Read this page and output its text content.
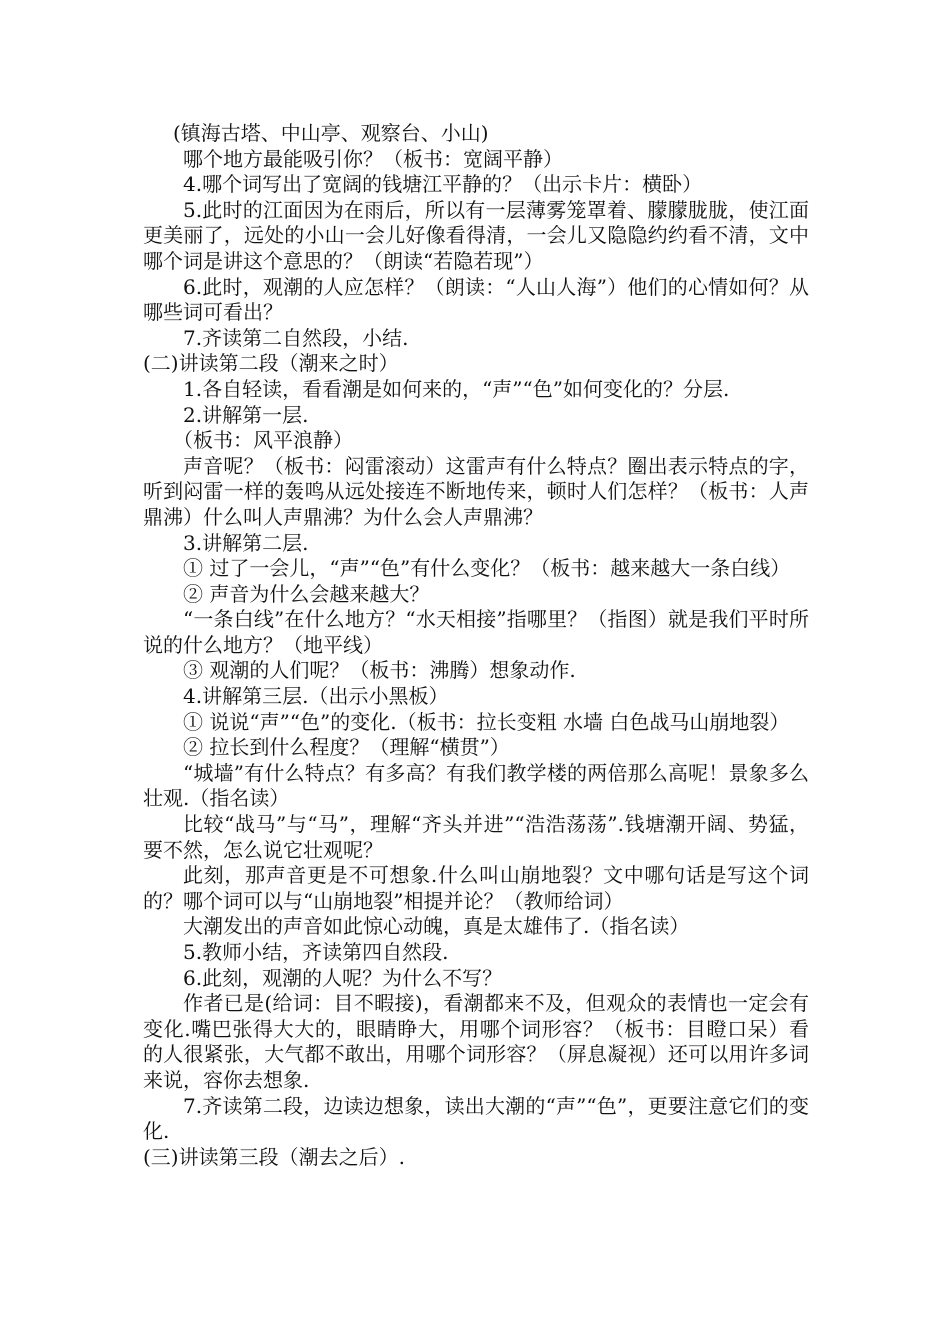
(镇海古塔、中山亭、观察台、小山)

哪个地方最能吸引你？（板书：宽阔平静）

4.哪个词写出了宽阔的钱塘江平静的？（出示卡片：横卧）

5.此时的江面因为在雨后，所以有一层薄雾笼罩着、朦朦胧胧，使江面更美丽了，远处的小山一会儿好像看得清，一会儿又隐隐约约看不清，文中哪个词是讲这个意思的？（朗读“若隐若现”）

6.此时，观潮的人应怎样？（朗读：“人山人海”）他们的心情如何？从哪些词可看出？

7.齐读第二自然段，小结.

(二)讲读第二段（潮来之时）

1.各自轻读，看看潮是如何来的，“声”“色”如何变化的？分层.

2.讲解第一层.

（板书：风平浪静）

声音呢？（板书：闷雷滚动）这雷声有什么特点？圈出表示特点的字，听到闷雷一样的轰鸣从远处接连不断地传来，顿时人们怎样？（板书：人声鼎沸）什么叫人声鼎沸？为什么会人声鼎沸？

3.讲解第二层.

① 过了一会儿，“声”“色”有什么变化？（板书：越来越大一条白线）

② 声音为什么会越来越大？

“一条白线”在什么地方？“水天相接”指哪里？（指图）就是我们平时所说的什么地方？（地平线）

③ 观潮的人们呢？（板书：沸腾）想象动作.

4.讲解第三层.（出示小黑板）

① 说说“声”“色”的变化.（板书：拉长变粗 水墙 白色战马山崩地裂）

② 拉长到什么程度？（理解“横贯”）

“城墙”有什么特点？有多高？有我们教学楼的两倍那么高呢！景象多么壮观.（指名读）

比较“战马”与“马”，理解“齐头并进”“浩浩荡荡”.钱塘潮开阔、势猛，要不然，怎么说它壮观呢？

此刻，那声音更是不可想象.什么叫山崩地裂？文中哪句话是写这个词的？哪个词可以与“山崩地裂”相提并论？（教师给词）

大潮发出的声音如此惊心动魄，真是太雄伟了.（指名读）

5.教师小结，齐读第四自然段.

6.此刻，观潮的人呢？为什么不写？

作者已是(给词：目不暇接)，看潮都来不及，但观众的表情也一定会有变化.嘴巴张得大大的，眼睛睁大，用哪个词形容？（板书：目瞪口呆）看的人很紧张，大气都不敢出，用哪个词形容？（屏息凝视）还可以用许多词来说，容你去想象.

7.齐读第二段，边读边想象，读出大潮的“声”“色”，更要注意它们的变化.

(三)讲读第三段（潮去之后）.
